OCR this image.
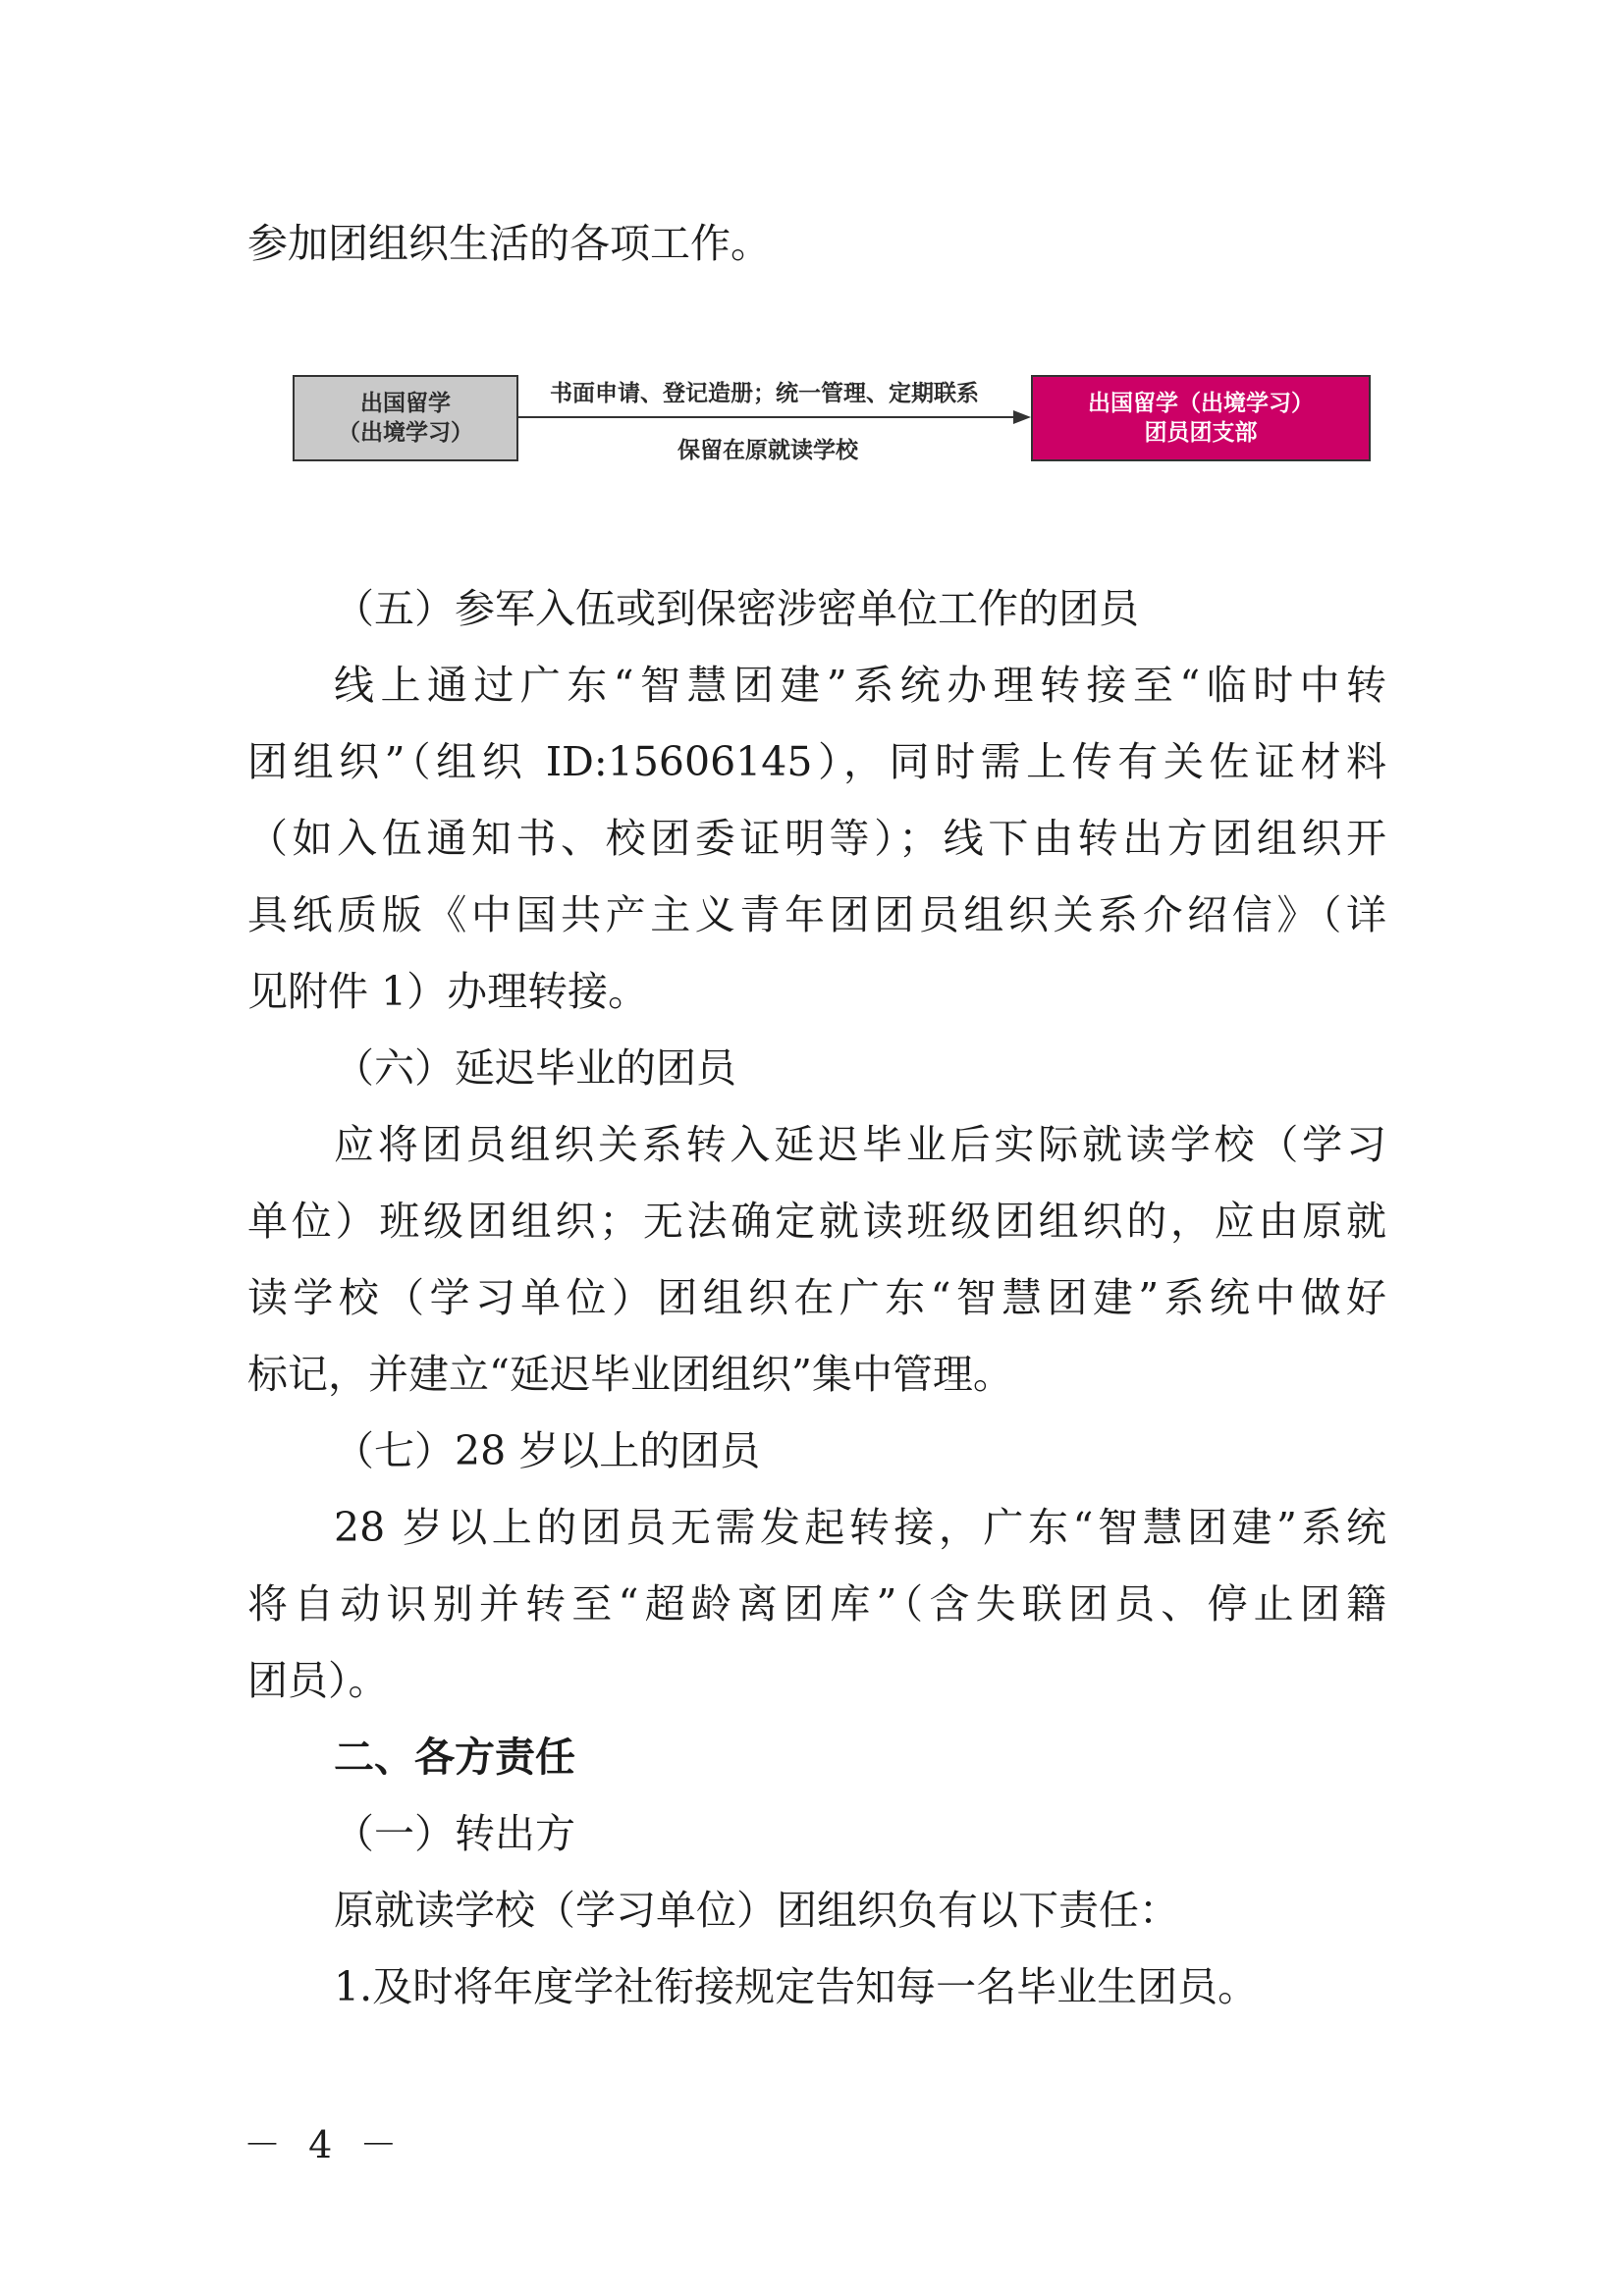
参加团组织生活的各项工作。
出国留学
（出境学习）
书面申请、登记造册；统一管理、定期联系
保留在原就读学校
出国留学（出境学习）
团员团支部
（五）参军入伍或到保密涉密单位工作的团员
线上通过广东“智慧团建”系统办理转接至“临时中转
团组织”（组织 ID:15606145），同时需上传有关佐证材料
（如入伍通知书、校团委证明等）；线下由转出方团组织开
具纸质版《中国共产主义青年团团员组织关系介绍信》（详
见附件 1）办理转接。
（六）延迟毕业的团员
应将团员组织关系转入延迟毕业后实际就读学校（学习
单位）班级团组织；无法确定就读班级团组织的，应由原就
读学校（学习单位）团组织在广东“智慧团建”系统中做好
标记，并建立“延迟毕业团组织”集中管理。
（七）28 岁以上的团员
28 岁以上的团员无需发起转接，广东“智慧团建”系统
将自动识别并转至“超龄离团库”（含失联团员、停止团籍
团员）。
二、各方责任
（一）转出方
原就读学校（学习单位）团组织负有以下责任：
1.及时将年度学社衔接规定告知每一名毕业生团员。
－ 4 －
